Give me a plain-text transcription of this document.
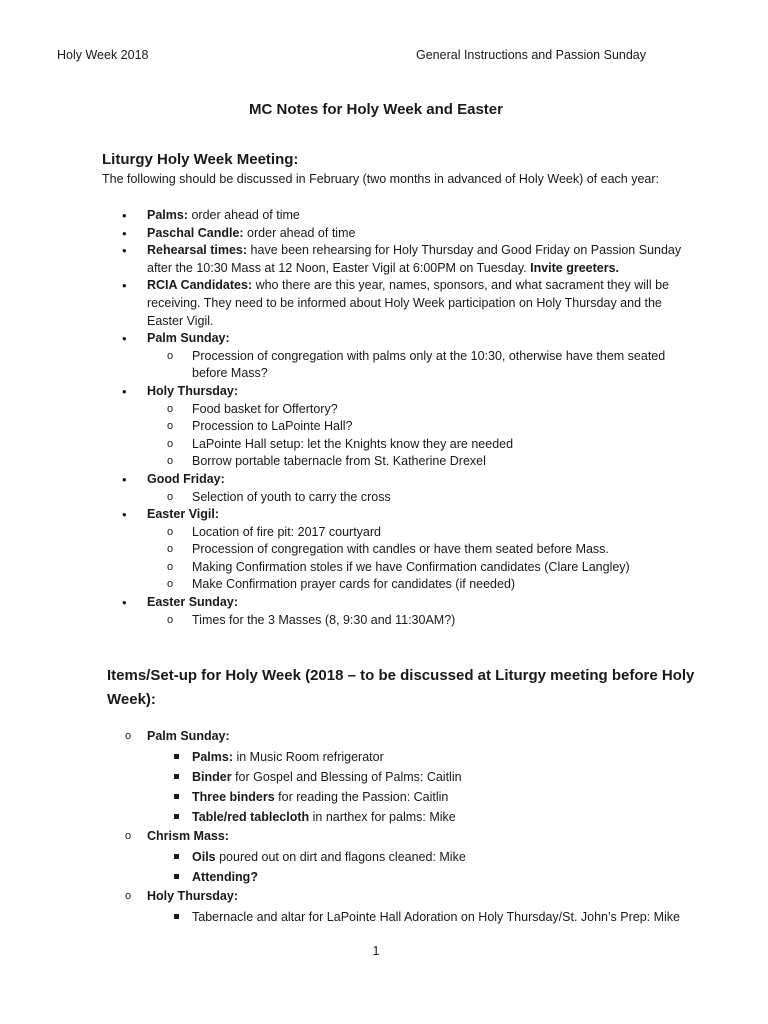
Holy Week 2018	General Instructions and Passion Sunday
MC Notes for Holy Week and Easter
Liturgy Holy Week Meeting:
The following should be discussed in February (two months in advanced of Holy Week) of each year:
• Palms: order ahead of time
• Paschal Candle: order ahead of time
• Rehearsal times: have been rehearsing for Holy Thursday and Good Friday on Passion Sunday after the 10:30 Mass at 12 Noon, Easter Vigil at 6:00PM on Tuesday. Invite greeters.
• RCIA Candidates: who there are this year, names, sponsors, and what sacrament they will be receiving. They need to be informed about Holy Week participation on Holy Thursday and the Easter Vigil.
• Palm Sunday:
o Procession of congregation with palms only at the 10:30, otherwise have them seated before Mass?
• Holy Thursday:
o Food basket for Offertory?
o Procession to LaPointe Hall?
o LaPointe Hall setup: let the Knights know they are needed
o Borrow portable tabernacle from St. Katherine Drexel
• Good Friday:
o Selection of youth to carry the cross
• Easter Vigil:
o Location of fire pit: 2017 courtyard
o Procession of congregation with candles or have them seated before Mass.
o Making Confirmation stoles if we have Confirmation candidates (Clare Langley)
o Make Confirmation prayer cards for candidates (if needed)
• Easter Sunday:
o Times for the 3 Masses (8, 9:30 and 11:30AM?)
Items/Set-up for Holy Week (2018 – to be discussed at Liturgy meeting before Holy Week):
o Palm Sunday:
Palms: in Music Room refrigerator
Binder for Gospel and Blessing of Palms: Caitlin
Three binders for reading the Passion: Caitlin
Table/red tablecloth in narthex for palms: Mike
o Chrism Mass:
Oils poured out on dirt and flagons cleaned: Mike
Attending?
o Holy Thursday:
Tabernacle and altar for LaPointe Hall Adoration on Holy Thursday/St. John’s Prep: Mike
1
